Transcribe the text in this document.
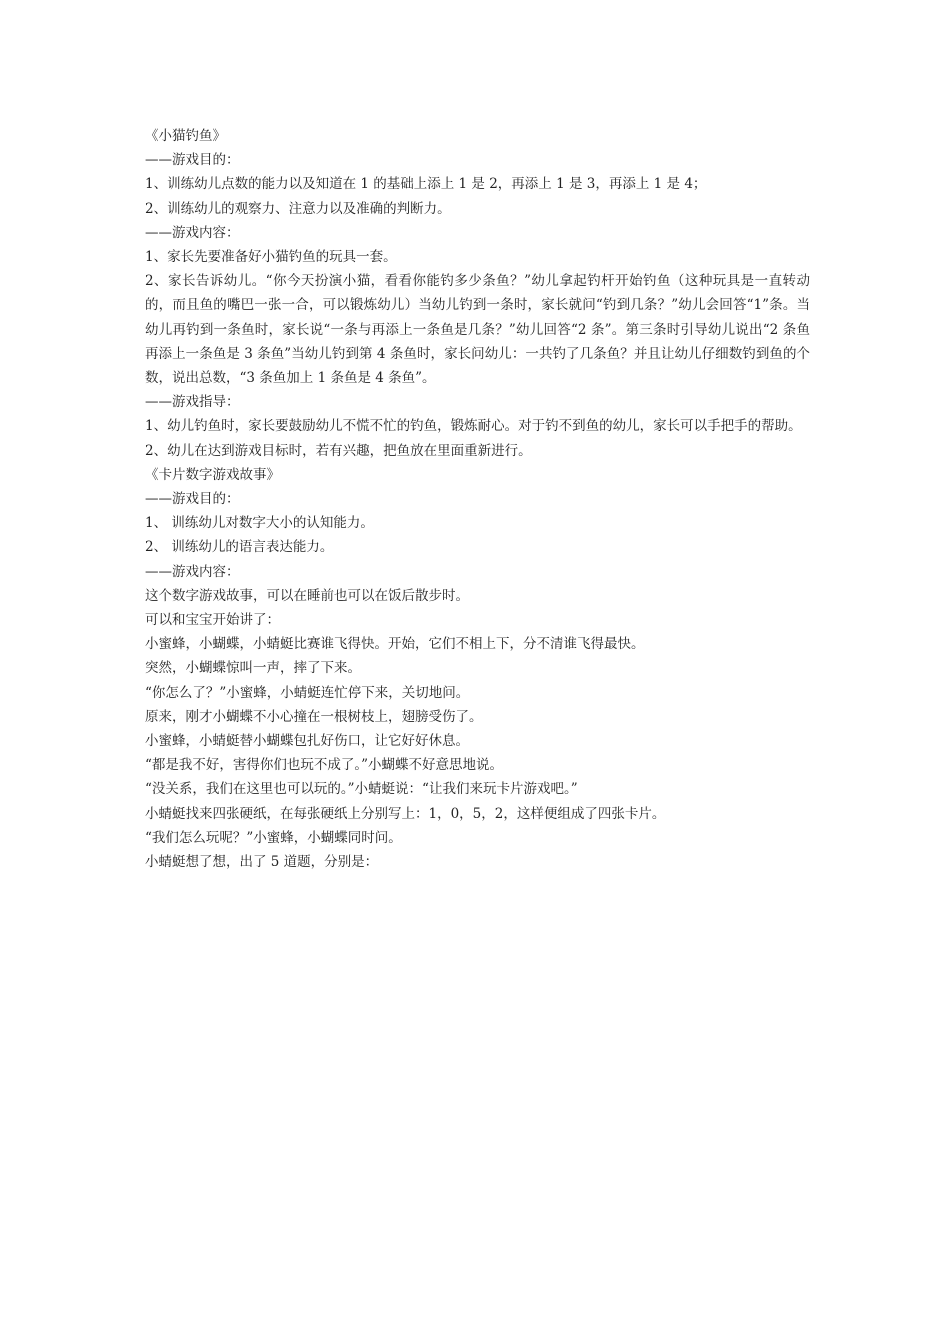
《小猫钓鱼》

——游戏目的：

1、训练幼儿点数的能力以及知道在 1 的基础上添上 1 是 2，再添上 1 是 3，再添上 1 是 4；

2、训练幼儿的观察力、注意力以及准确的判断力。

——游戏内容：

1、家长先要准备好小猫钓鱼的玩具一套。

2、家长告诉幼儿。“你今天扮演小猫，看看你能钓多少条鱼？”幼儿拿起钓杆开始钓鱼（这种玩具是一直转动的，而且鱼的嘴巴一张一合，可以锻炼幼儿）当幼儿钓到一条时，家长就问“钓到几条？”幼儿会回答“1”条。当幼儿再钓到一条鱼时，家长说“一条与再添上一条鱼是几条？”幼儿回答“2 条”。第三条时引导幼儿说出“2 条鱼再添上一条鱼是 3 条鱼”当幼儿钓到第 4 条鱼时，家长问幼儿：一共钓了几条鱼？并且让幼儿仔细数钓到鱼的个数，说出总数，“3 条鱼加上 1 条鱼是 4 条鱼”。

——游戏指导：

1、幼儿钓鱼时，家长要鼓励幼儿不慌不忙的钓鱼，锻炼耐心。对于钓不到鱼的幼儿，家长可以手把手的帮助。

2、幼儿在达到游戏目标时，若有兴趣，把鱼放在里面重新进行。

《卡片数字游戏故事》

——游戏目的：

1、 训练幼儿对数字大小的认知能力。

2、 训练幼儿的语言表达能力。

——游戏内容：

这个数字游戏故事，可以在睡前也可以在饭后散步时。

可以和宝宝开始讲了：

小蜜蜂，小蝴蝶，小蜻蜓比赛谁飞得快。开始，它们不相上下，分不清谁飞得最快。

突然，小蝴蝶惊叫一声，摔了下来。

“你怎么了？”小蜜蜂，小蜻蜓连忙停下来，关切地问。

原来，刚才小蝴蝶不小心撞在一根树枝上，翅膀受伤了。

小蜜蜂，小蜻蜓替小蝴蝶包扎好伤口，让它好好休息。

“都是我不好，害得你们也玩不成了。”小蝴蝶不好意思地说。

“没关系，我们在这里也可以玩的。”小蜻蜓说：“让我们来玩卡片游戏吧。”

小蜻蜓找来四张硬纸，在每张硬纸上分别写上：1，0，5，2，这样便组成了四张卡片。

“我们怎么玩呢？”小蜜蜂，小蝴蝶同时问。

小蜻蜓想了想，出了 5 道题，分别是：
